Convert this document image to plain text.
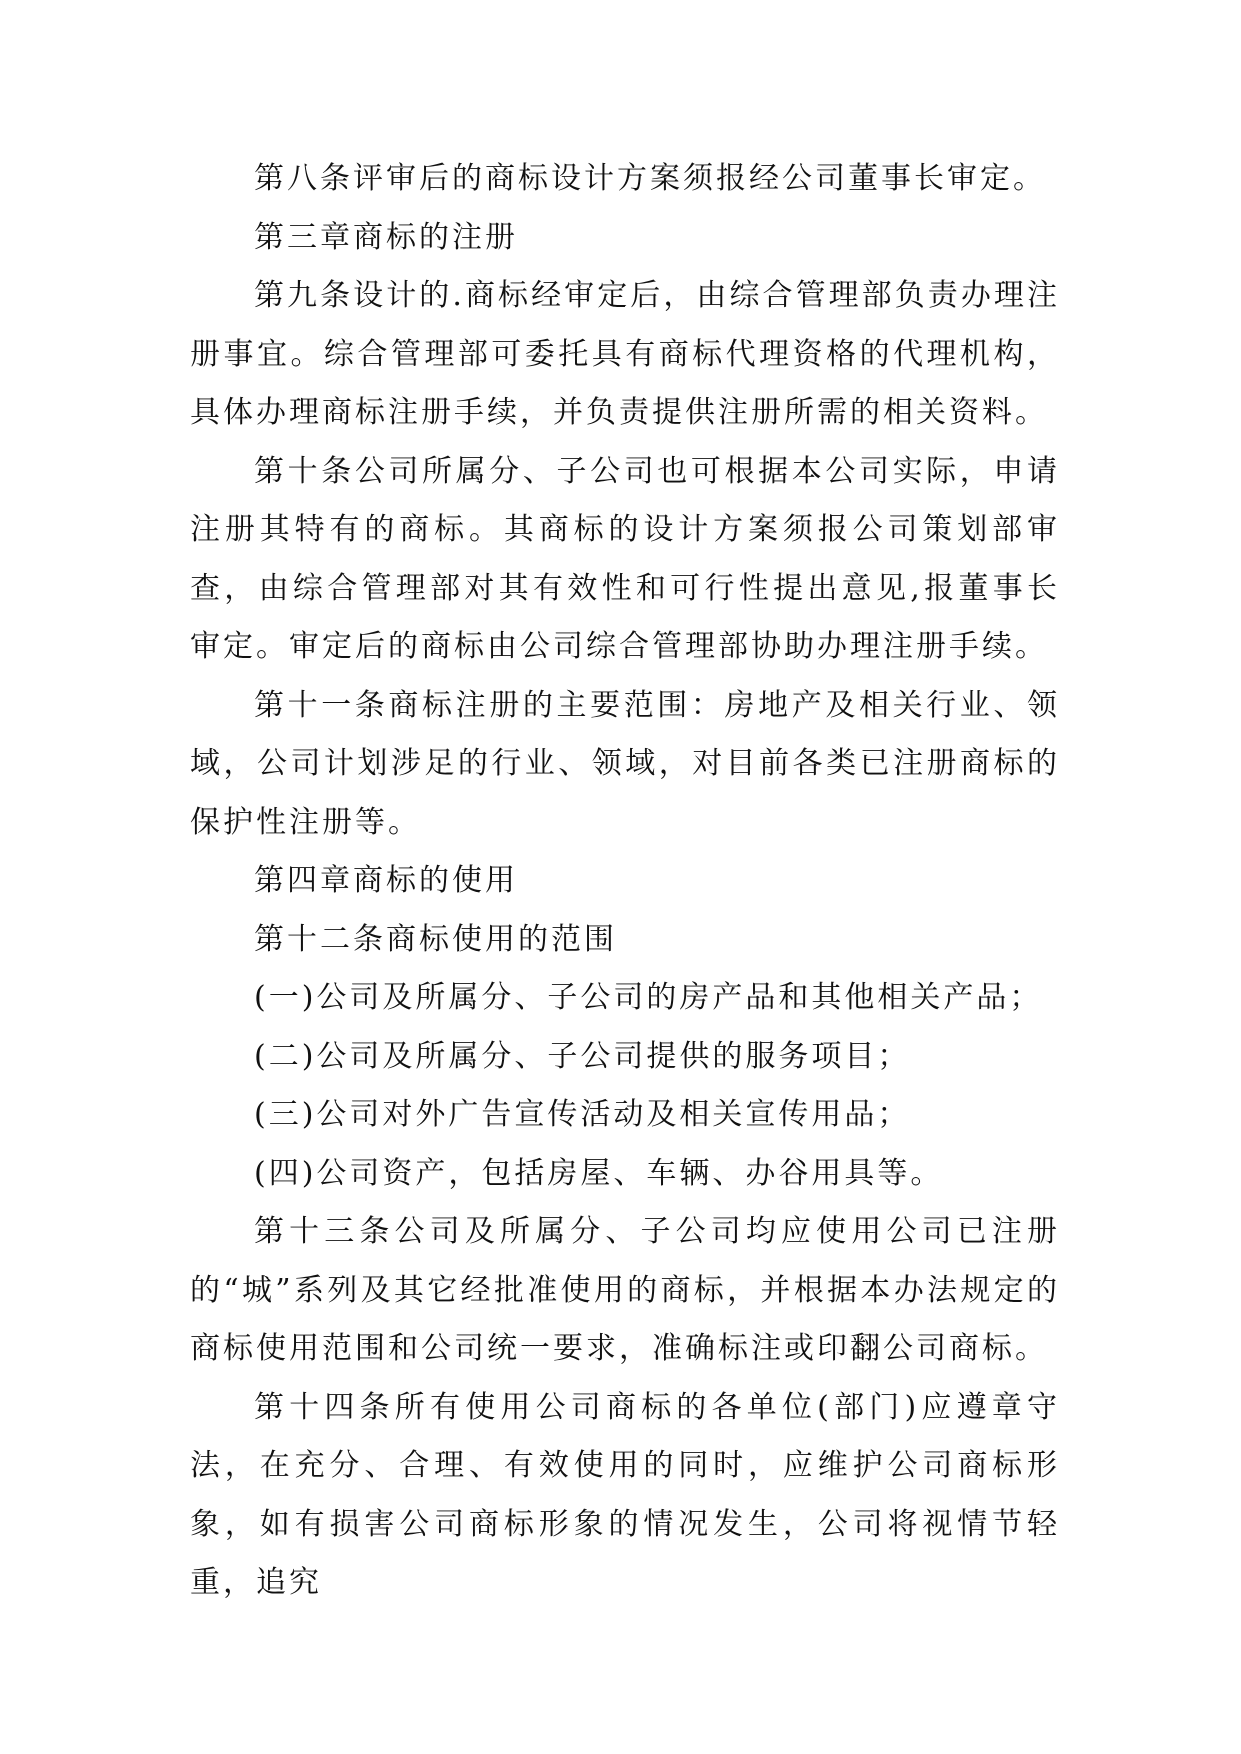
第八条评审后的商标设计方案须报经公司董事长审定。

第三章商标的注册

第九条设计的.商标经审定后，由综合管理部负责办理注册事宜。综合管理部可委托具有商标代理资格的代理机构，具体办理商标注册手续，并负责提供注册所需的相关资料。

第十条公司所属分、子公司也可根据本公司实际，申请注册其特有的商标。其商标的设计方案须报公司策划部审查，由综合管理部对其有效性和可行性提出意见,报董事长审定。审定后的商标由公司综合管理部协助办理注册手续。

第十一条商标注册的主要范围：房地产及相关行业、领域，公司计划涉足的行业、领域，对目前各类已注册商标的保护性注册等。

第四章商标的使用

第十二条商标使用的范围

(一)公司及所属分、子公司的房产品和其他相关产品；

(二)公司及所属分、子公司提供的服务项目；

(三)公司对外广告宣传活动及相关宣传用品；

(四)公司资产，包括房屋、车辆、办谷用具等。

第十三条公司及所属分、子公司均应使用公司已注册的“城”系列及其它经批准使用的商标，并根据本办法规定的商标使用范围和公司统一要求，准确标注或印翻公司商标。

第十四条所有使用公司商标的各单位(部门)应遵章守法，在充分、合理、有效使用的同时，应维护公司商标形象，如有损害公司商标形象的情况发生，公司将视情节轻重，追究
